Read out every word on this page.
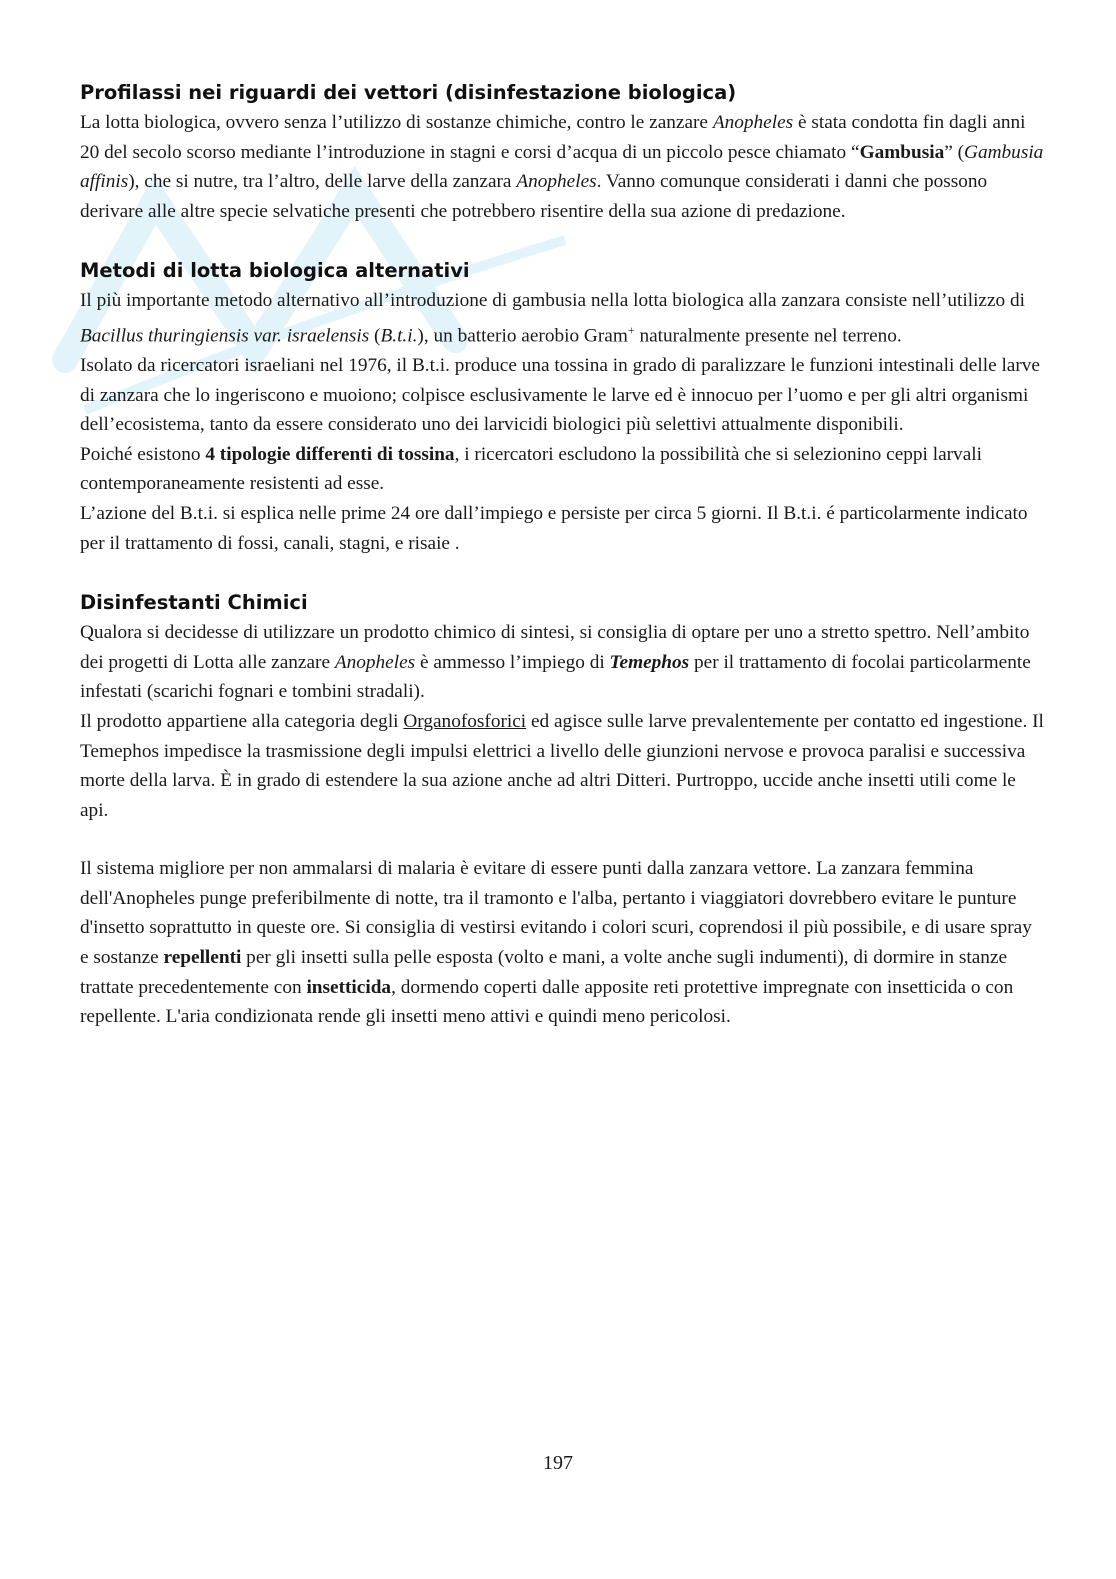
Profilassi nei riguardi dei vettori (disinfestazione biologica)

La lotta biologica, ovvero senza l’utilizzo di sostanze chimiche, contro le zanzare Anopheles è stata condotta fin dagli anni 20 del secolo scorso mediante l’introduzione in stagni e corsi d’acqua di un piccolo pesce chiamato “Gambusia” (Gambusia affinis), che si nutre, tra l’altro, delle larve della zanzara Anopheles. Vanno comunque considerati i danni che possono derivare alle altre specie selvatiche presenti che potrebbero risentire della sua azione di predazione.

Metodi di lotta biologica alternativi

Il più importante metodo alternativo all’introduzione di gambusia nella lotta biologica alla zanzara consiste nell’utilizzo di Bacillus thuringiensis var. israelensis (B.t.i.), un batterio aerobio Gram+ naturalmente presente nel terreno.

Isolato da ricercatori israeliani nel 1976, il B.t.i. produce una tossina in grado di paralizzare le funzioni intestinali delle larve di zanzara che lo ingeriscono e muoiono; colpisce esclusivamente le larve ed è innocuo per l’uomo e per gli altri organismi dell’ecosistema, tanto da essere considerato uno dei larvicidi biologici più selettivi attualmente disponibili.

Poiché esistono 4 tipologie differenti di tossina, i ricercatori escludono la possibilità che si selezionino ceppi larvali contemporaneamente resistenti ad esse.

L’azione del B.t.i. si esplica nelle prime 24 ore dall’impiego e persiste per circa 5 giorni. Il B.t.i. é particolarmente indicato per il trattamento di fossi, canali, stagni, e risaie .

Disinfestanti Chimici

Qualora si decidesse di utilizzare un prodotto chimico di sintesi, si consiglia di optare per uno a stretto spettro. Nell’ambito dei progetti di Lotta alle zanzare Anopheles è ammesso l’impiego di Temephos per il trattamento di focolai particolarmente infestati (scarichi fognari e tombini stradali).

Il prodotto appartiene alla categoria degli Organofosforici ed agisce sulle larve prevalentemente per contatto ed ingestione. Il Temephos impedisce la trasmissione degli impulsi elettrici a livello delle giunzioni nervose e provoca paralisi e successiva morte della larva. È in grado di estendere la sua azione anche ad altri Ditteri. Purtroppo, uccide anche insetti utili come le api.

Il sistema migliore per non ammalarsi di malaria è evitare di essere punti dalla zanzara vettore. La zanzara femmina dell'Anopheles punge preferibilmente di notte, tra il tramonto e l'alba, pertanto i viaggiatori dovrebbero evitare le punture d'insetto soprattutto in queste ore. Si consiglia di vestirsi evitando i colori scuri, coprendosi il più possibile, e di usare spray e sostanze repellenti per gli insetti sulla pelle esposta (volto e mani, a volte anche sugli indumenti), di dormire in stanze trattate precedentemente con insetticida, dormendo coperti dalle apposite reti protettive impregnate con insetticida o con repellente. L'aria condizionata rende gli insetti meno attivi e quindi meno pericolosi.

197
